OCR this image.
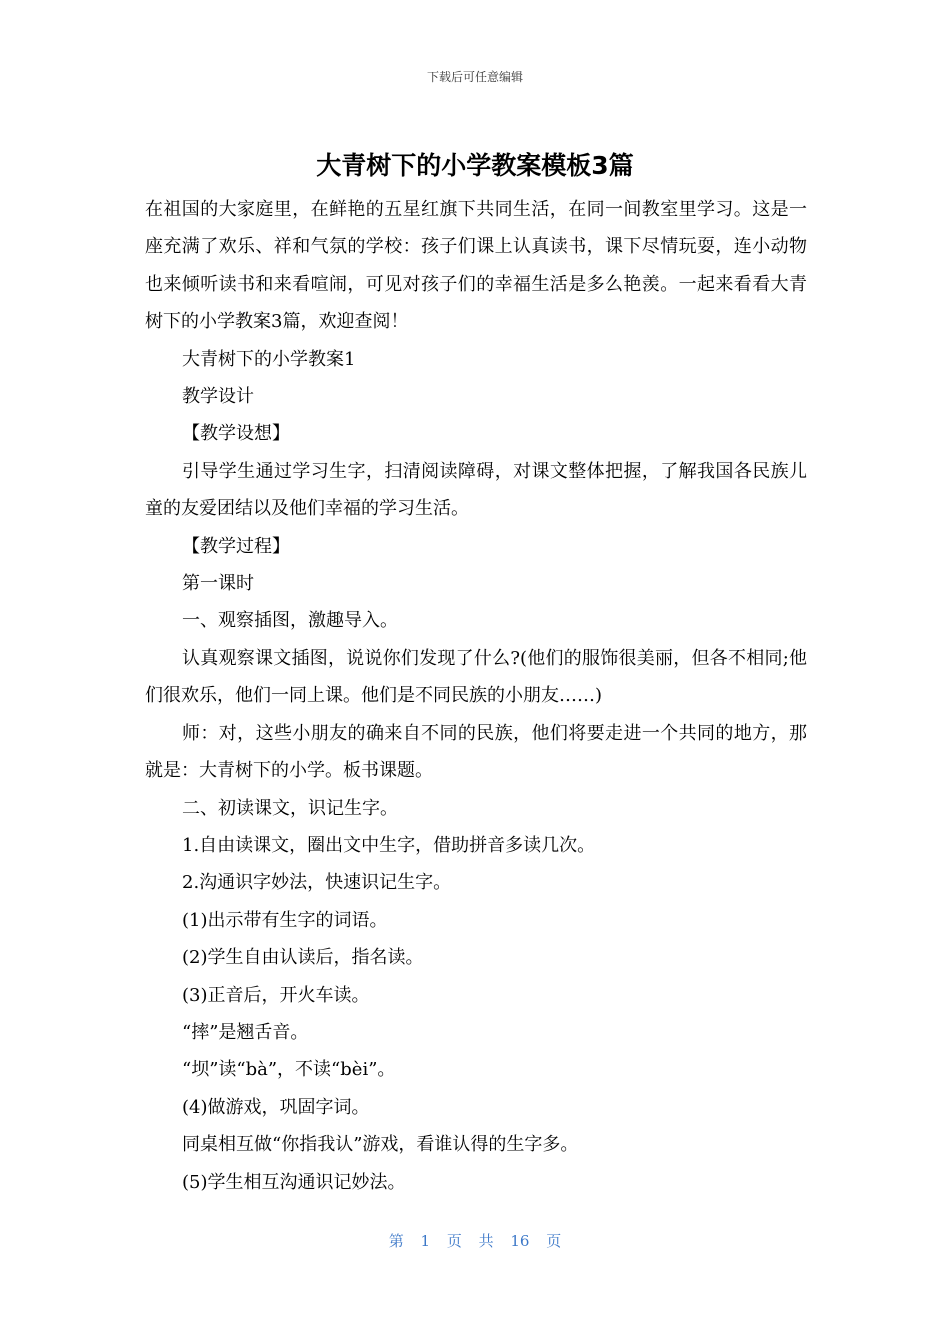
下载后可任意编辑
大青树下的小学教案模板3篇

在祖国的大家庭里，在鲜艳的五星红旗下共同生活，在同一间教室里学习。这是一座充满了欢乐、祥和气氛的学校：孩子们课上认真读书，课下尽情玩耍，连小动物也来倾听读书和来看喧闹，可见对孩子们的幸福生活是多么艳羡。一起来看看大青树下的小学教案3篇，欢迎查阅！

大青树下的小学教案1

教学设计

【教学设想】

引导学生通过学习生字，扫清阅读障碍，对课文整体把握，了解我国各民族儿童的友爱团结以及他们幸福的学习生活。

【教学过程】

第一课时

一、观察插图，激趣导入。

认真观察课文插图，说说你们发现了什么?(他们的服饰很美丽，但各不相同;他们很欢乐，他们一同上课。他们是不同民族的小朋友……)

师：对，这些小朋友的确来自不同的民族，他们将要走进一个共同的地方，那就是：大青树下的小学。板书课题。

二、初读课文，识记生字。

1.自由读课文，圈出文中生字，借助拼音多读几次。

2.沟通识字妙法，快速识记生字。

(1)出示带有生字的词语。

(2)学生自由认读后，指名读。

(3)正音后，开火车读。

“摔”是翘舌音。

“坝”读“bà”，不读“bèi”。

(4)做游戏，巩固字词。

同桌相互做“你指我认”游戏，看谁认得的生字多。

(5)学生相互沟通识记妙法。

第 1 页 共 16 页
